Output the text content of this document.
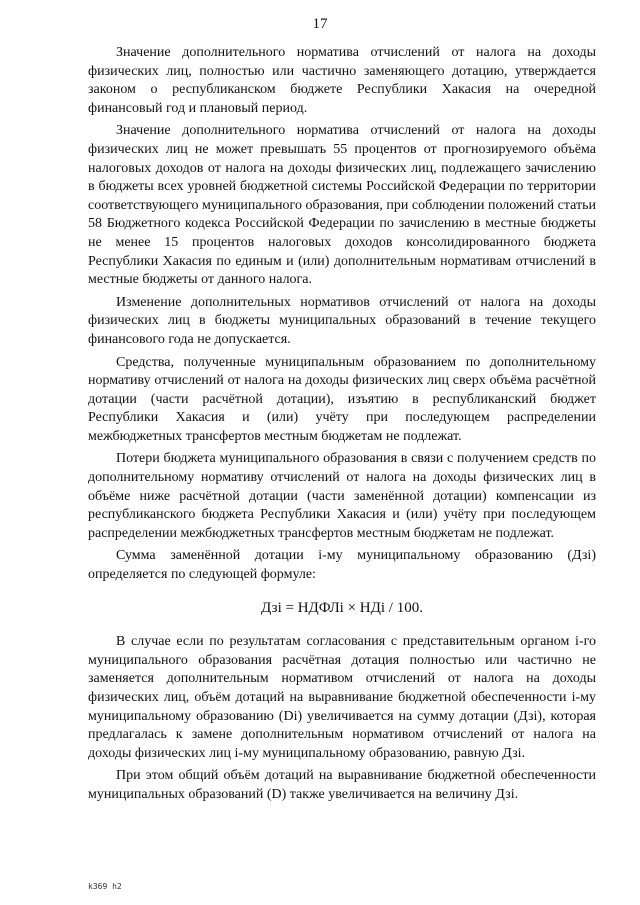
17

Значение дополнительного норматива отчислений от налога на доходы физических лиц, полностью или частично заменяющего дотацию, утверждается законом о республиканском бюджете Республики Хакасия на очередной финансовый год и плановый период.

Значение дополнительного норматива отчислений от налога на доходы физических лиц не может превышать 55 процентов от прогнозируемого объёма налоговых доходов от налога на доходы физических лиц, подлежащего зачислению в бюджеты всех уровней бюджетной системы Российской Федерации по территории соответствующего муниципального образования, при соблюдении положений статьи 58 Бюджетного кодекса Российской Федерации по зачислению в местные бюджеты не менее 15 процентов налоговых доходов консолидированного бюджета Республики Хакасия по единым и (или) дополнительным нормативам отчислений в местные бюджеты от данного налога.

Изменение дополнительных нормативов отчислений от налога на доходы физических лиц в бюджеты муниципальных образований в течение текущего финансового года не допускается.

Средства, полученные муниципальным образованием по дополнительному нормативу отчислений от налога на доходы физических лиц сверх объёма расчётной дотации (части расчётной дотации), изъятию в республиканский бюджет Республики Хакасия и (или) учёту при последующем распределении межбюджетных трансфертов местным бюджетам не подлежат.

Потери бюджета муниципального образования в связи с получением средств по дополнительному нормативу отчислений от налога на доходы физических лиц в объёме ниже расчётной дотации (части заменённой дотации) компенсации из республиканского бюджета Республики Хакасия и (или) учёту при последующем распределении межбюджетных трансфертов местным бюджетам не подлежат.

Сумма заменённой дотации i-му муниципальному образованию (Дзi) определяется по следующей формуле:

Дзi = НДФЛi × НДi / 100.

В случае если по результатам согласования с представительным органом i-го муниципального образования расчётная дотация полностью или частично не заменяется дополнительным нормативом отчислений от налога на доходы физических лиц, объём дотаций на выравнивание бюджетной обеспеченности i-му муниципальному образованию (Di) увеличивается на сумму дотации (Дзi), которая предлагалась к замене дополнительным нормативом отчислений от налога на доходы физических лиц i-му муниципальному образованию, равную Дзi.

При этом общий объём дотаций на выравнивание бюджетной обеспеченности муниципальных образований (D) также увеличивается на величину Дзi.

k369 h2
